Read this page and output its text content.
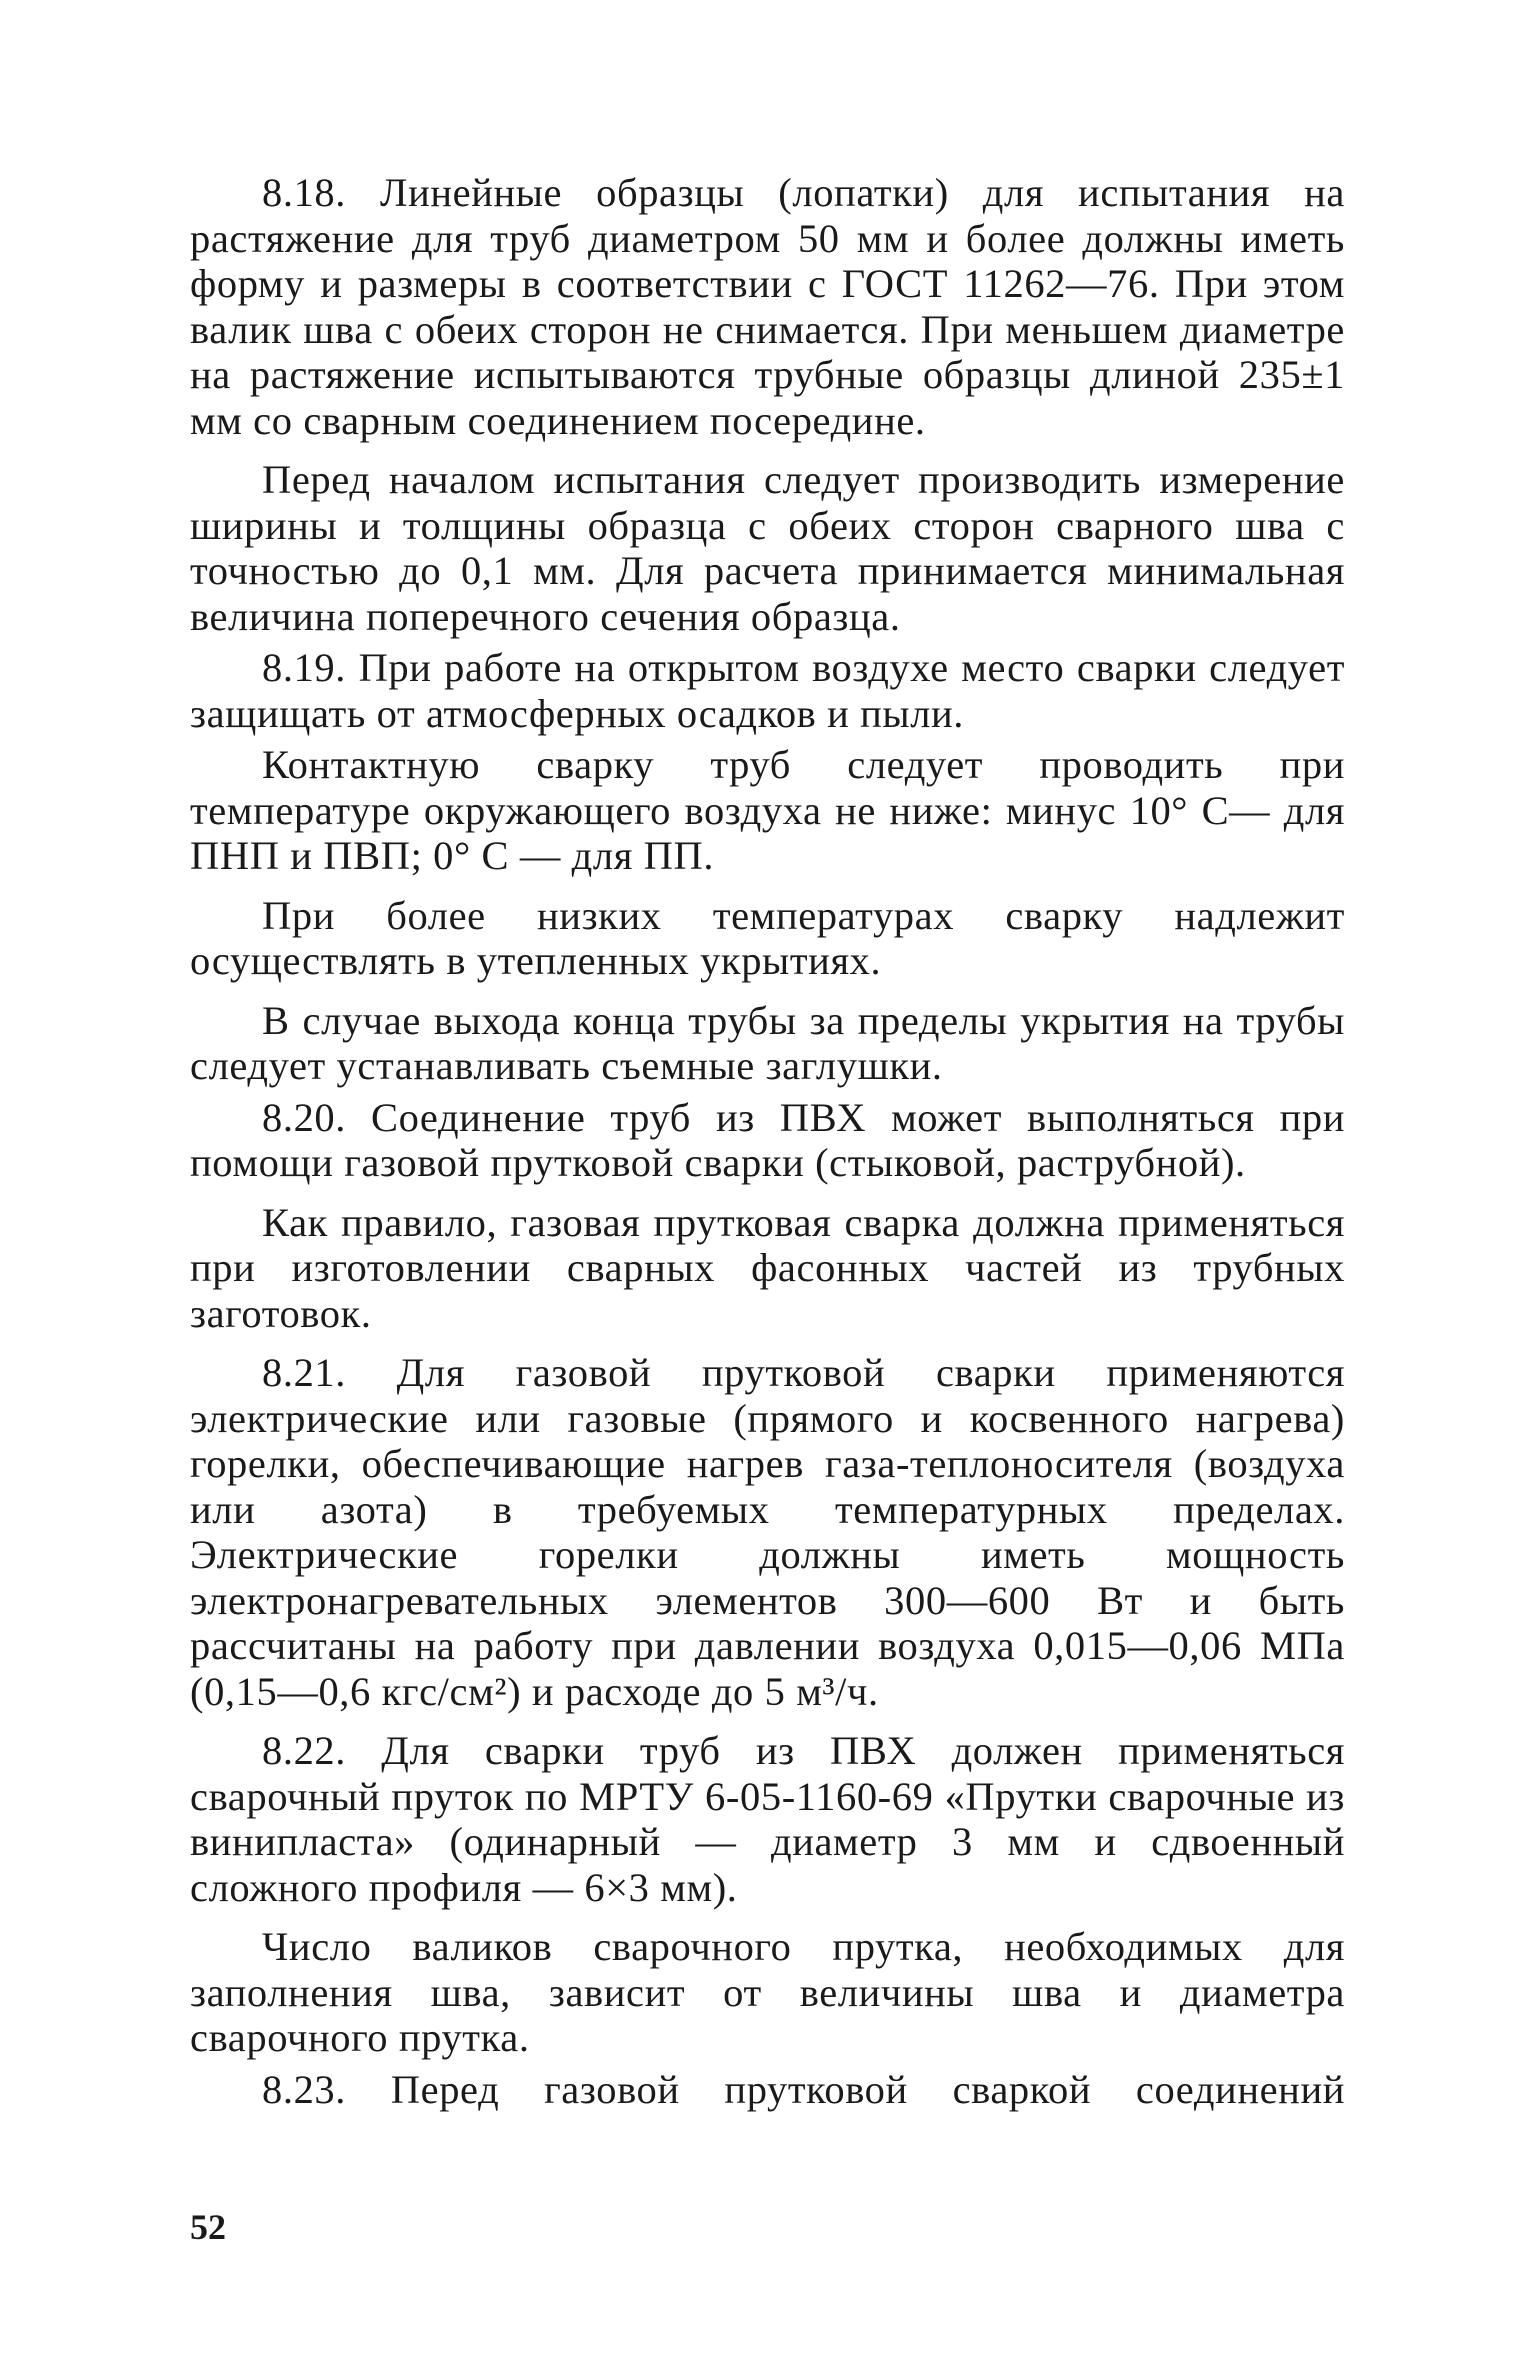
8.18. Линейные образцы (лопатки) для испытания на растяжение для труб диаметром 50 мм и более должны иметь форму и размеры в соответствии с ГОСТ 11262—76. При этом валик шва с обеих сторон не снимается. При меньшем диаметре на растяжение испытываются трубные образцы длиной 235±1 мм со сварным соединением посередине.

Перед началом испытания следует производить измерение ширины и толщины образца с обеих сторон сварного шва с точностью до 0,1 мм. Для расчета принимается минимальная величина поперечного сечения образца.

8.19. При работе на открытом воздухе место сварки следует защищать от атмосферных осадков и пыли.

Контактную сварку труб следует проводить при температуре окружающего воздуха не ниже: минус 10° С— для ПНП и ПВП; 0° С — для ПП.

При более низких температурах сварку надлежит осуществлять в утепленных укрытиях.

В случае выхода конца трубы за пределы укрытия на трубы следует устанавливать съемные заглушки.

8.20. Соединение труб из ПВХ может выполняться при помощи газовой прутковой сварки (стыковой, раструбной).

Как правило, газовая прутковая сварка должна применяться при изготовлении сварных фасонных частей из трубных заготовок.

8.21. Для газовой прутковой сварки применяются электрические или газовые (прямого и косвенного нагрева) горелки, обеспечивающие нагрев газа-теплоносителя (воздуха или азота) в требуемых температурных пределах. Электрические горелки должны иметь мощность электронагревательных элементов 300—600 Вт и быть рассчитаны на работу при давлении воздуха 0,015—0,06 МПа (0,15—0,6 кгс/см²) и расходе до 5 м³/ч.

8.22. Для сварки труб из ПВХ должен применяться сварочный пруток по МРТУ 6-05-1160-69 «Прутки сварочные из винипласта» (одинарный — диаметр 3 мм и сдвоенный сложного профиля — 6×3 мм).

Число валиков сварочного прутка, необходимых для заполнения шва, зависит от величины шва и диаметра сварочного прутка.

8.23. Перед газовой прутковой сваркой соединений

52
